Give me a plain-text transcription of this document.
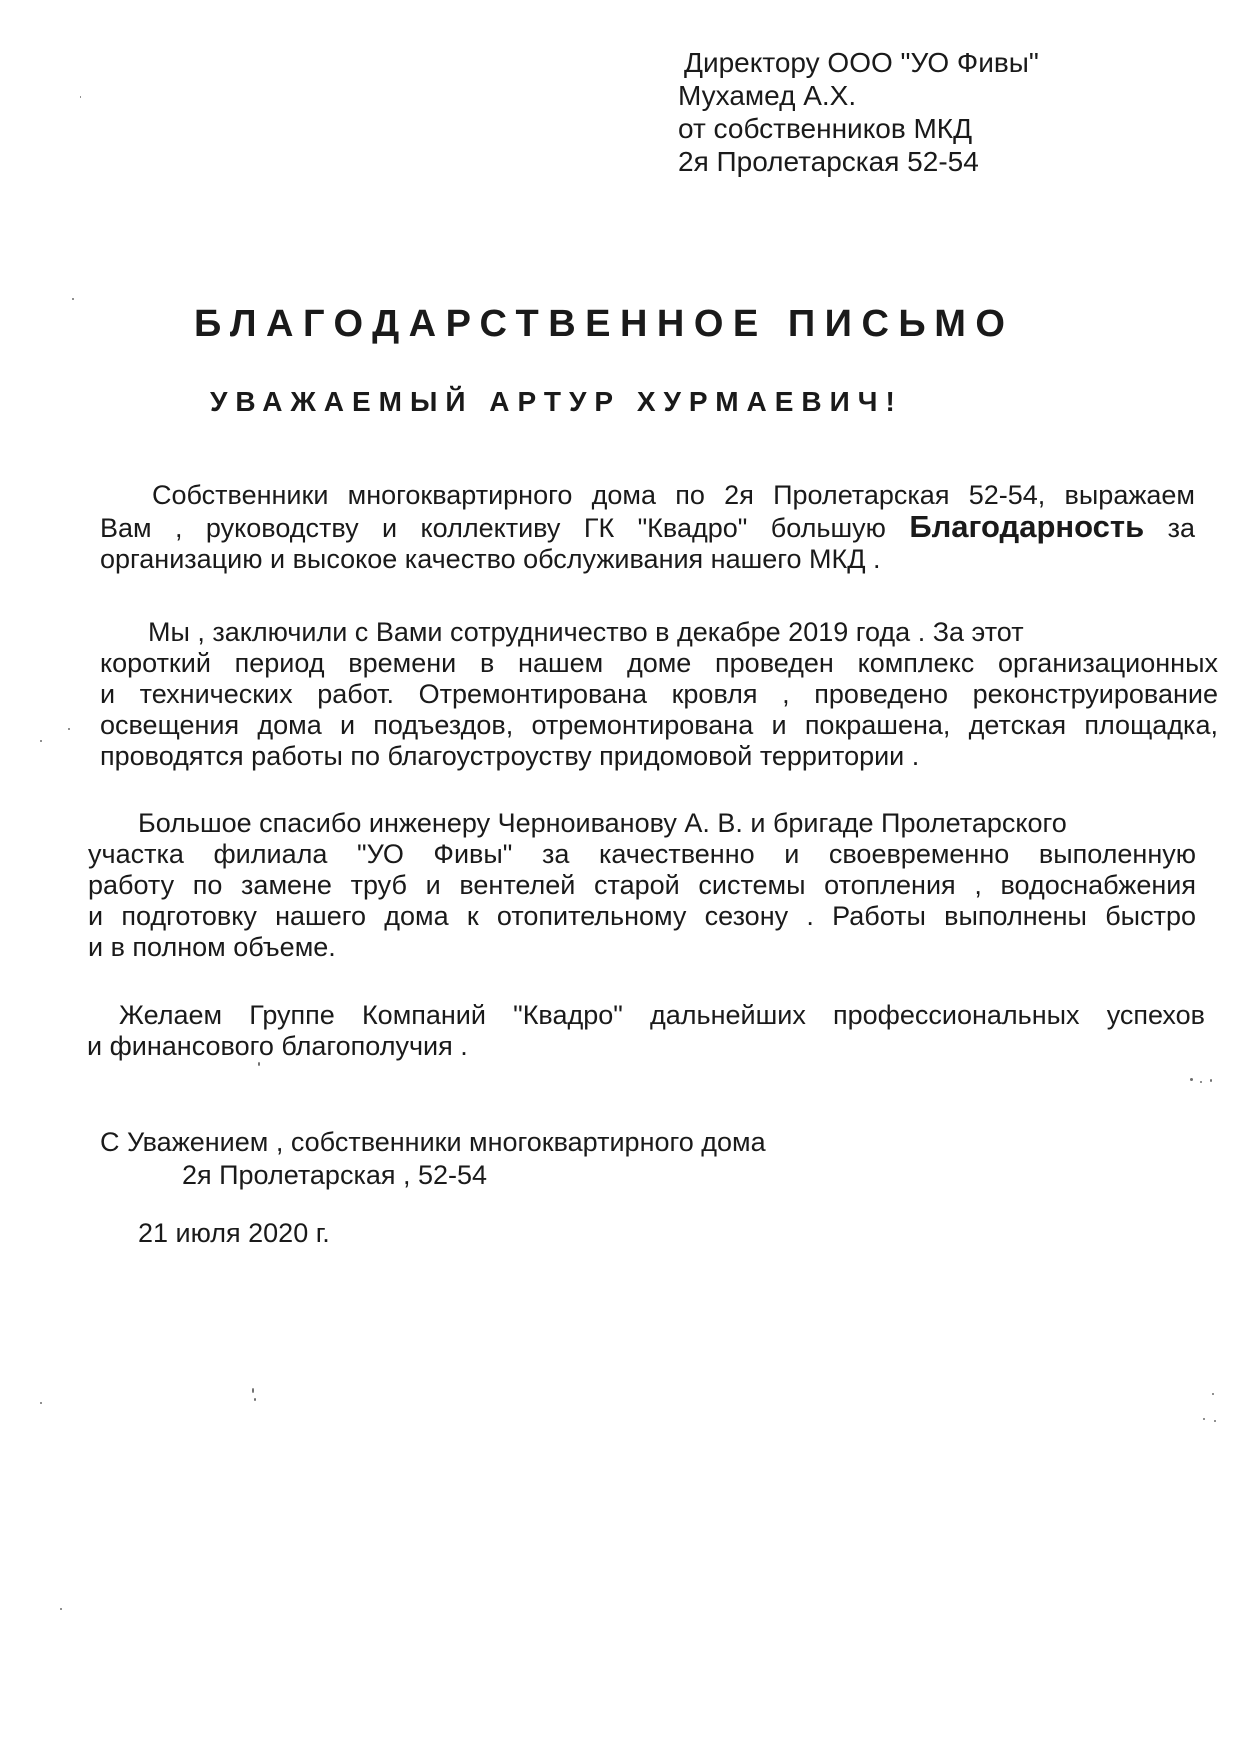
Директору ООО "УО Фивы"
Мухамед А.Х.
от собственников МКД
2я Пролетарская 52-54
БЛАГОДАРСТВЕННОЕ ПИСЬМО
УВАЖАЕМЫЙ АРТУР ХУРМАЕВИЧ!
Собственники многоквартирного дома по 2я Пролетарская 52-54, выражаем
Вам , руководству и коллективу ГК "Квадро" большую Благодарность за
организацию и высокое качество обслуживания нашего МКД .
Мы , заключили с Вами сотрудничество в декабре 2019 года . За этот
короткий период времени в нашем доме проведен комплекс организационных
и технических работ. Отремонтирована кровля , проведено реконструирование
освещения дома и подъездов, отремонтирована и покрашена, детская площадка,
проводятся работы по благоустроуству придомовой территории .
Большое спасибо инженеру Черноиванову А. В. и бригаде Пролетарского
участка филиала "УО Фивы" за качественно и своевременно выполенную
работу по замене труб и вентелей старой системы отопления , водоснабжения
и подготовку нашего дома к отопительному сезону . Работы выполнены быстро
и в полном объеме.
Желаем Группе Компаний "Квадро" дальнейших профессиональных успехов
и финансового благополучия .
С Уважением , собственники многоквартирного дома
2я Пролетарская , 52-54
21 июля 2020 г.
